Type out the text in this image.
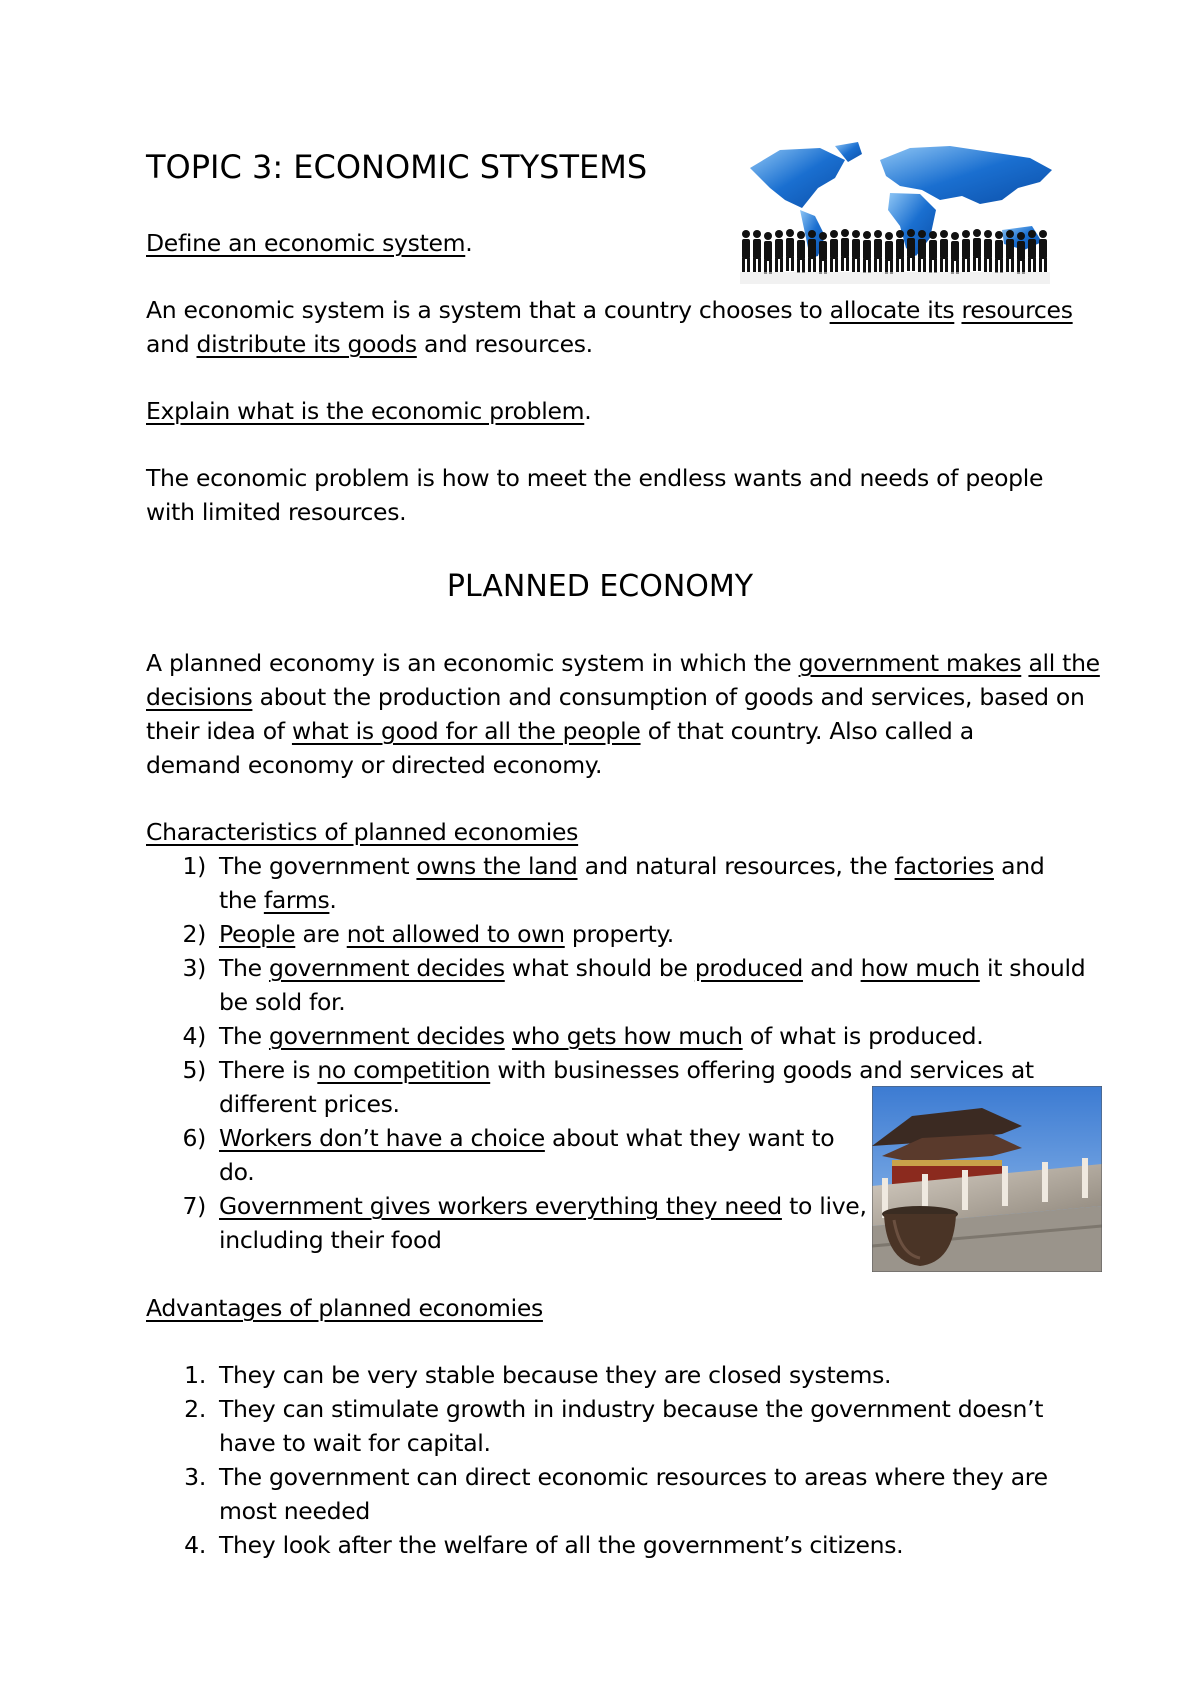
TOPIC 3: ECONOMIC STYSTEMS
Define an economic system.
An economic system is a system that a country chooses to allocate its resources
and distribute its goods and resources.
Explain what is the economic problem.
The economic problem is how to meet the endless wants and needs of people
with limited resources.
PLANNED ECONOMY
A planned economy is an economic system in which the government makes all the
decisions about the production and consumption of goods and services, based on
their idea of what is good for all the people of that country. Also called a
demand economy or directed economy.
Characteristics of planned economies
1) The government owns the land and natural resources, the factories and
the farms.
2) People are not allowed to own property.
3) The government decides what should be produced and how much it should
be sold for.
4) The government decides who gets how much of what is produced.
5) There is no competition with businesses offering goods and services at
different prices.
6) Workers don’t have a choice about what they want to
do.
7) Government gives workers everything they need to live,
including their food
Advantages of planned economies
1. They can be very stable because they are closed systems.
2. They can stimulate growth in industry because the government doesn’t
have to wait for capital.
3. The government can direct economic resources to areas where they are
most needed
4. They look after the welfare of all the government’s citizens.
